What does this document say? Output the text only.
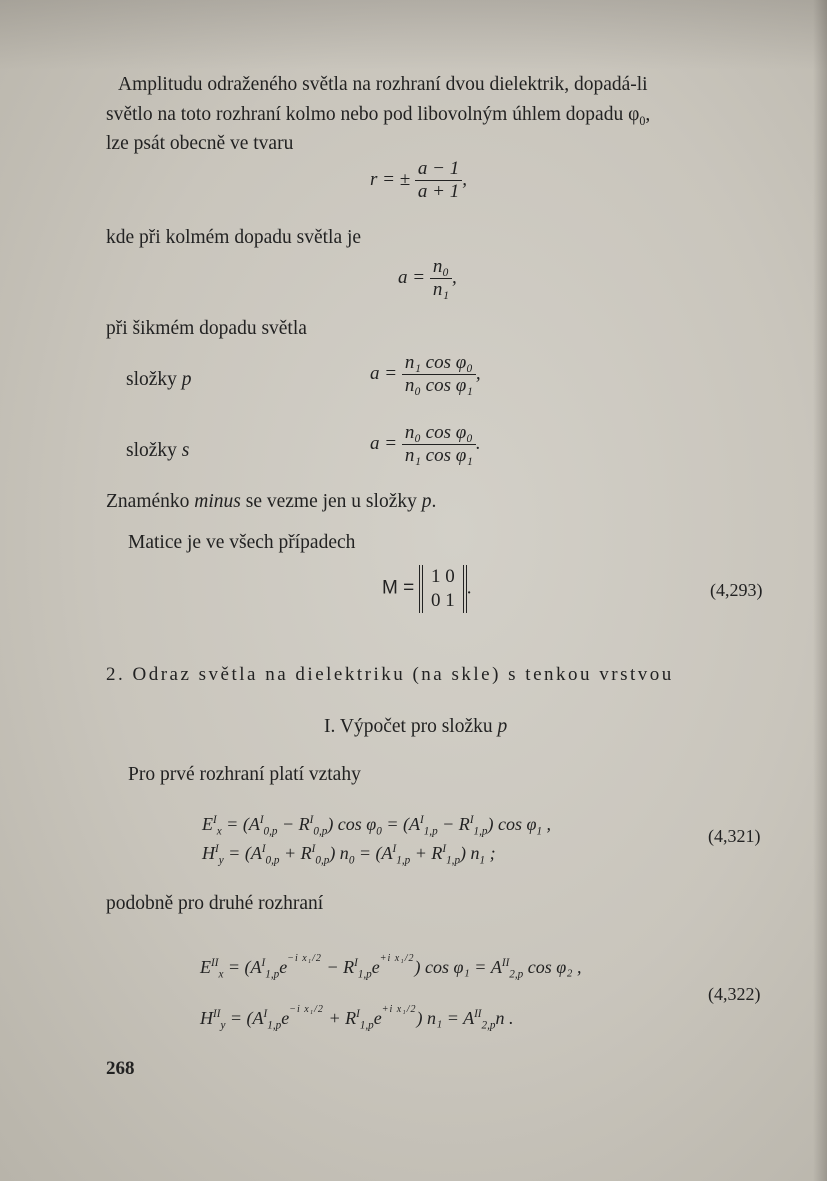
Amplitudu odraženého světla na rozhraní dvou dielektrik, dopadá-li
světlo na toto rozhraní kolmo nebo pod libovolným úhlem dopadu $\varphi_0$,
lze psát obecně ve tvaru
r = ± $\frac{a - 1}{a + 1}$ ,
kde při kolmém dopadu světla je
$a = \frac{\text{n₀}}{\text{n₁}}$ ,
při šikmém dopadu světla
složky p	$a = \frac{\text{n₁ cos φ₀}}{\text{n₀ cos φ₁}}$ ,
složky s	$a = \frac{\text{n₀ cos φ₀}}{\text{n₁ cos φ₁}}$ .
Znaménko minus se vezme jen u složky p.
Matice je ve všech případech
M =
1 0
0 1
.	(4,293)
2. Odraz světla na dielektriku (na skle) s tenkou vrstvou
I. Výpočet pro složku p
Pro prvé rozhraní platí vztahy
$E^I_x = (A^I_{0,p} - R^I_{0,p})$ $\cos \varphi_0 = (A^I_{1,p} - R^I_{1,p})$ $\cos \varphi_1$ ,
$H^I_y = (A^I_{0,p} + R^I_{0,p}) n_0 = (A^I_{1,p} + R^I_{1,p})$ $n_1$ ;
(4,321)
podobně pro druhé rozhraní
$E^{II}_x = (A^I_{1,p}e^{-i x_1/2} - R^I_{1,p}e^{+i x_1/2})$ $\cos \varphi_1 = A^{II}_{2,p}$ cos φ₂ ,
$H^{II}_y = (A^I_{1,p}e^{-i x_1/2} + R^I_{1,p}e^{+i x_1/2}) n_1 = A^{II}_{2,p}n$ .
(4,322)
268
